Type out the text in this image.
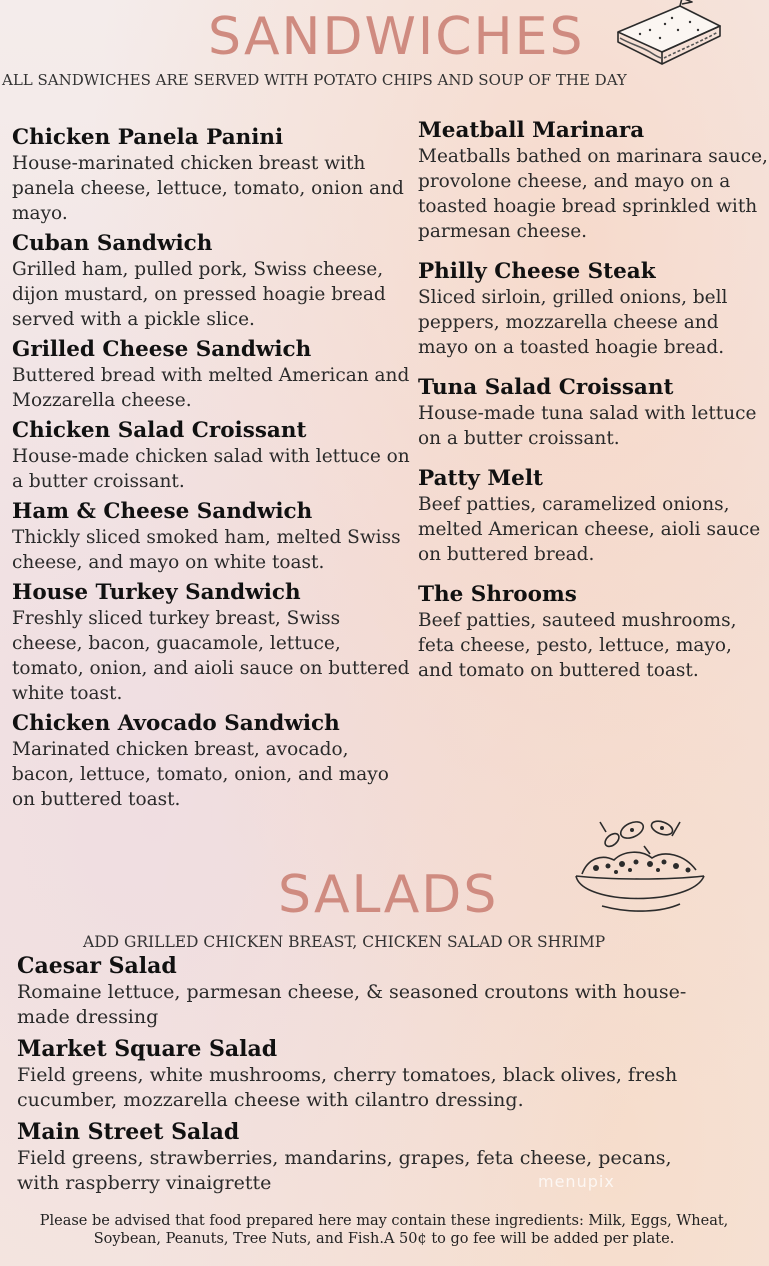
SANDWICHES
ALL SANDWICHES ARE SERVED WITH POTATO CHIPS AND SOUP OF THE DAY
Chicken Panela Panini
House-marinated chicken breast with panela cheese, lettuce, tomato, onion and mayo.
Cuban Sandwich
Grilled ham, pulled pork, Swiss cheese, dijon mustard, on pressed hoagie bread served with a pickle slice.
Grilled Cheese Sandwich
Buttered bread with melted American and Mozzarella cheese.
Chicken Salad Croissant
House-made chicken salad with lettuce on a butter croissant.
Ham & Cheese Sandwich
Thickly sliced smoked ham, melted Swiss cheese, and mayo on white toast.
House Turkey Sandwich
Freshly sliced turkey breast, Swiss cheese, bacon, guacamole, lettuce, tomato, onion, and aioli sauce on buttered white toast.
Chicken Avocado Sandwich
Marinated chicken breast, avocado, bacon, lettuce, tomato, onion, and mayo on buttered toast.
Meatball Marinara
Meatballs bathed on marinara sauce, provolone cheese, and mayo on a toasted hoagie bread sprinkled with parmesan cheese.
Philly Cheese Steak
Sliced sirloin, grilled onions, bell peppers, mozzarella cheese and mayo on a toasted hoagie bread.
Tuna Salad Croissant
House-made tuna salad with lettuce on a butter croissant.
Patty Melt
Beef patties, caramelized onions, melted American cheese, aioli sauce on buttered bread.
The Shrooms
Beef patties, sauteed mushrooms, feta cheese, pesto, lettuce, mayo, and tomato on buttered toast.
SALADS
ADD GRILLED CHICKEN BREAST, CHICKEN SALAD OR SHRIMP
Caesar Salad
Romaine lettuce, parmesan cheese, & seasoned croutons with house-made dressing
Market Square Salad
Field greens, white mushrooms, cherry tomatoes, black olives, fresh cucumber, mozzarella cheese with cilantro dressing.
Main Street Salad
Field greens, strawberries, mandarins, grapes, feta cheese, pecans, with raspberry vinaigrette	menupix
Please be advised that food prepared here may contain these ingredients: Milk, Eggs, Wheat, Soybean, Peanuts, Tree Nuts, and Fish.A 50¢ to go fee will be added per plate.
